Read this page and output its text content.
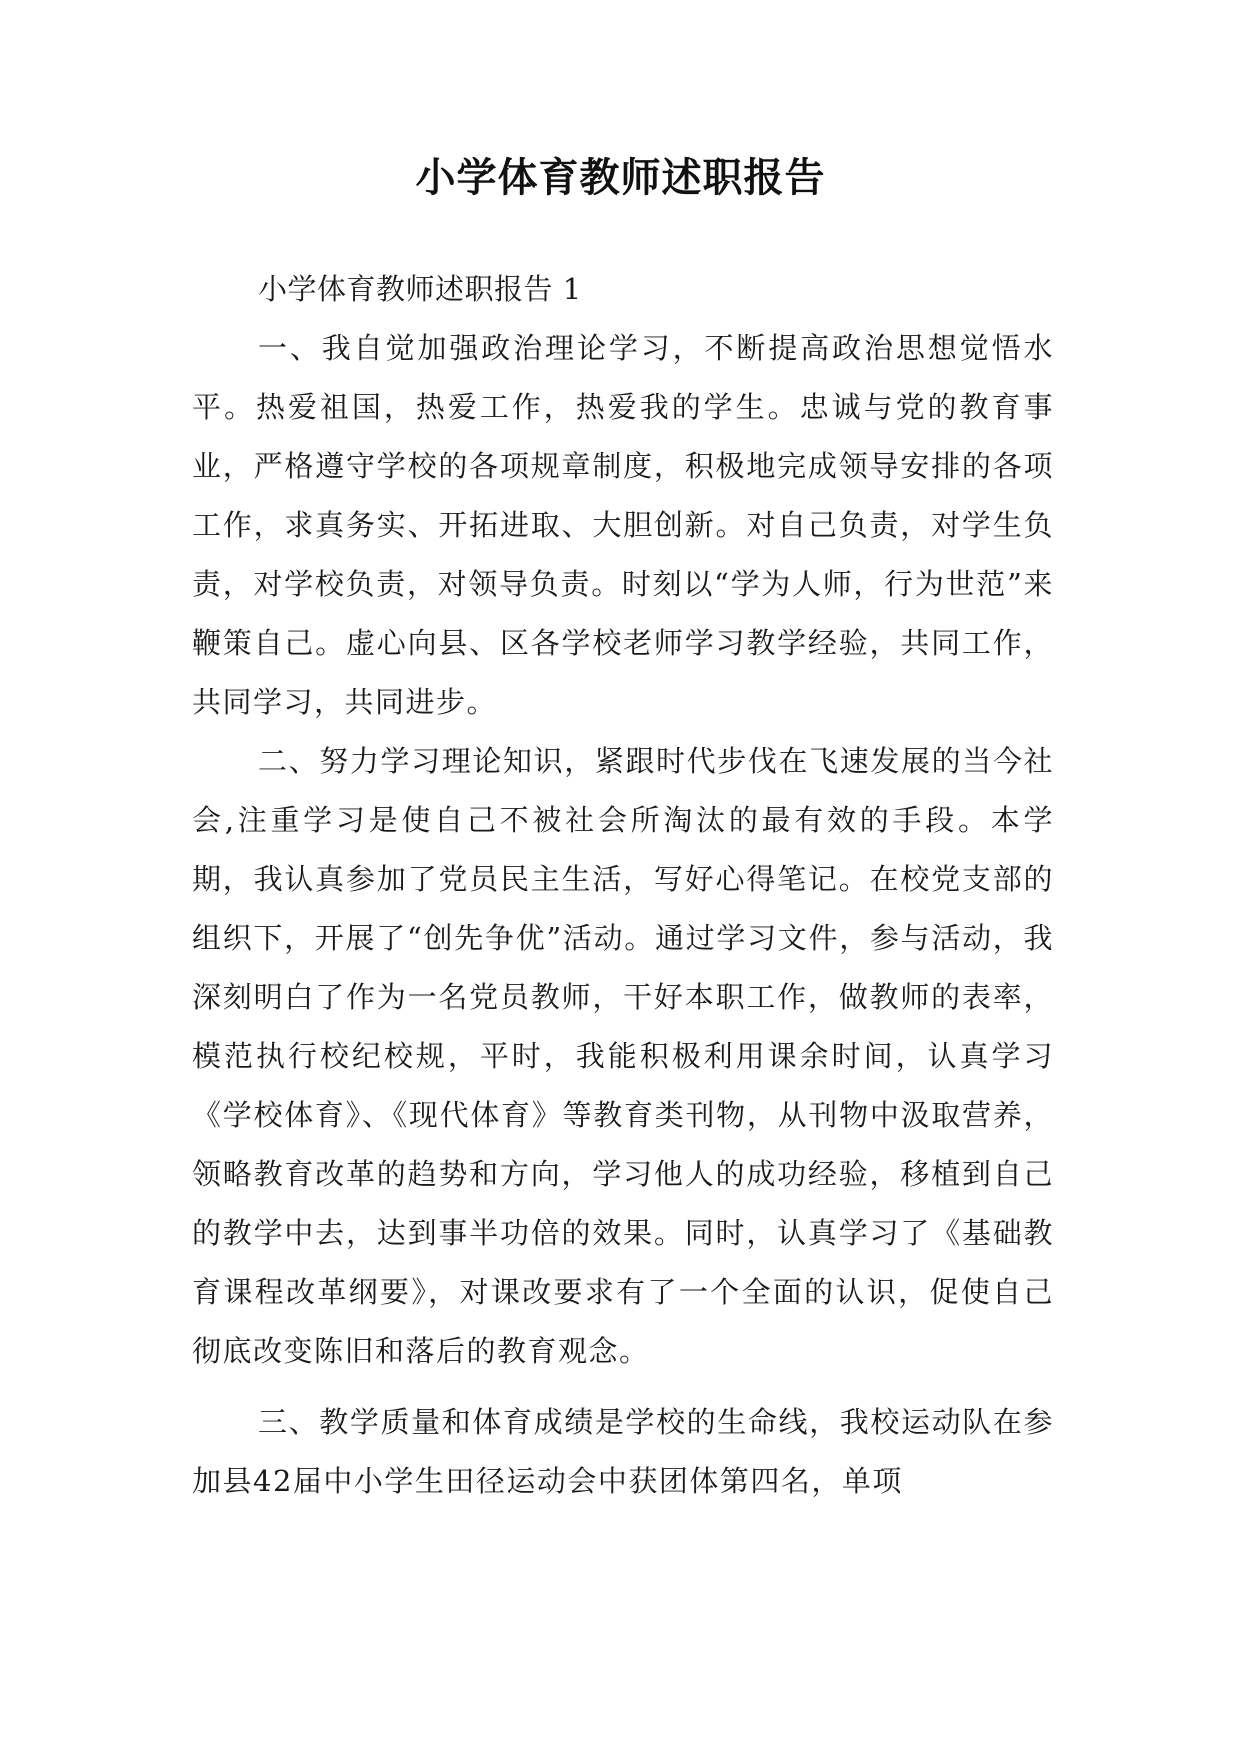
小学体育教师述职报告

小学体育教师述职报告 1

一、我自觉加强政治理论学习，不断提高政治思想觉悟水平。热爱祖国，热爱工作，热爱我的学生。忠诚与党的教育事业，严格遵守学校的各项规章制度，积极地完成领导安排的各项工作，求真务实、开拓进取、大胆创新。对自己负责，对学生负责，对学校负责，对领导负责。时刻以“学为人师，行为世范”来鞭策自己。虚心向县、区各学校老师学习教学经验，共同工作，共同学习，共同进步。

二、努力学习理论知识，紧跟时代步伐在飞速发展的当今社会,注重学习是使自己不被社会所淘汰的最有效的手段。本学期，我认真参加了党员民主生活，写好心得笔记。在校党支部的组织下，开展了“创先争优”活动。通过学习文件，参与活动，我深刻明白了作为一名党员教师，干好本职工作，做教师的表率，模范执行校纪校规，平时，我能积极利用课余时间，认真学习《学校体育》、《现代体育》等教育类刊物，从刊物中汲取营养，领略教育改革的趋势和方向，学习他人的成功经验，移植到自己的教学中去，达到事半功倍的效果。同时，认真学习了《基础教育课程改革纲要》，对课改要求有了一个全面的认识，促使自己彻底改变陈旧和落后的教育观念。

三、教学质量和体育成绩是学校的生命线，我校运动队在参加县42届中小学生田径运动会中获团体第四名，单项
